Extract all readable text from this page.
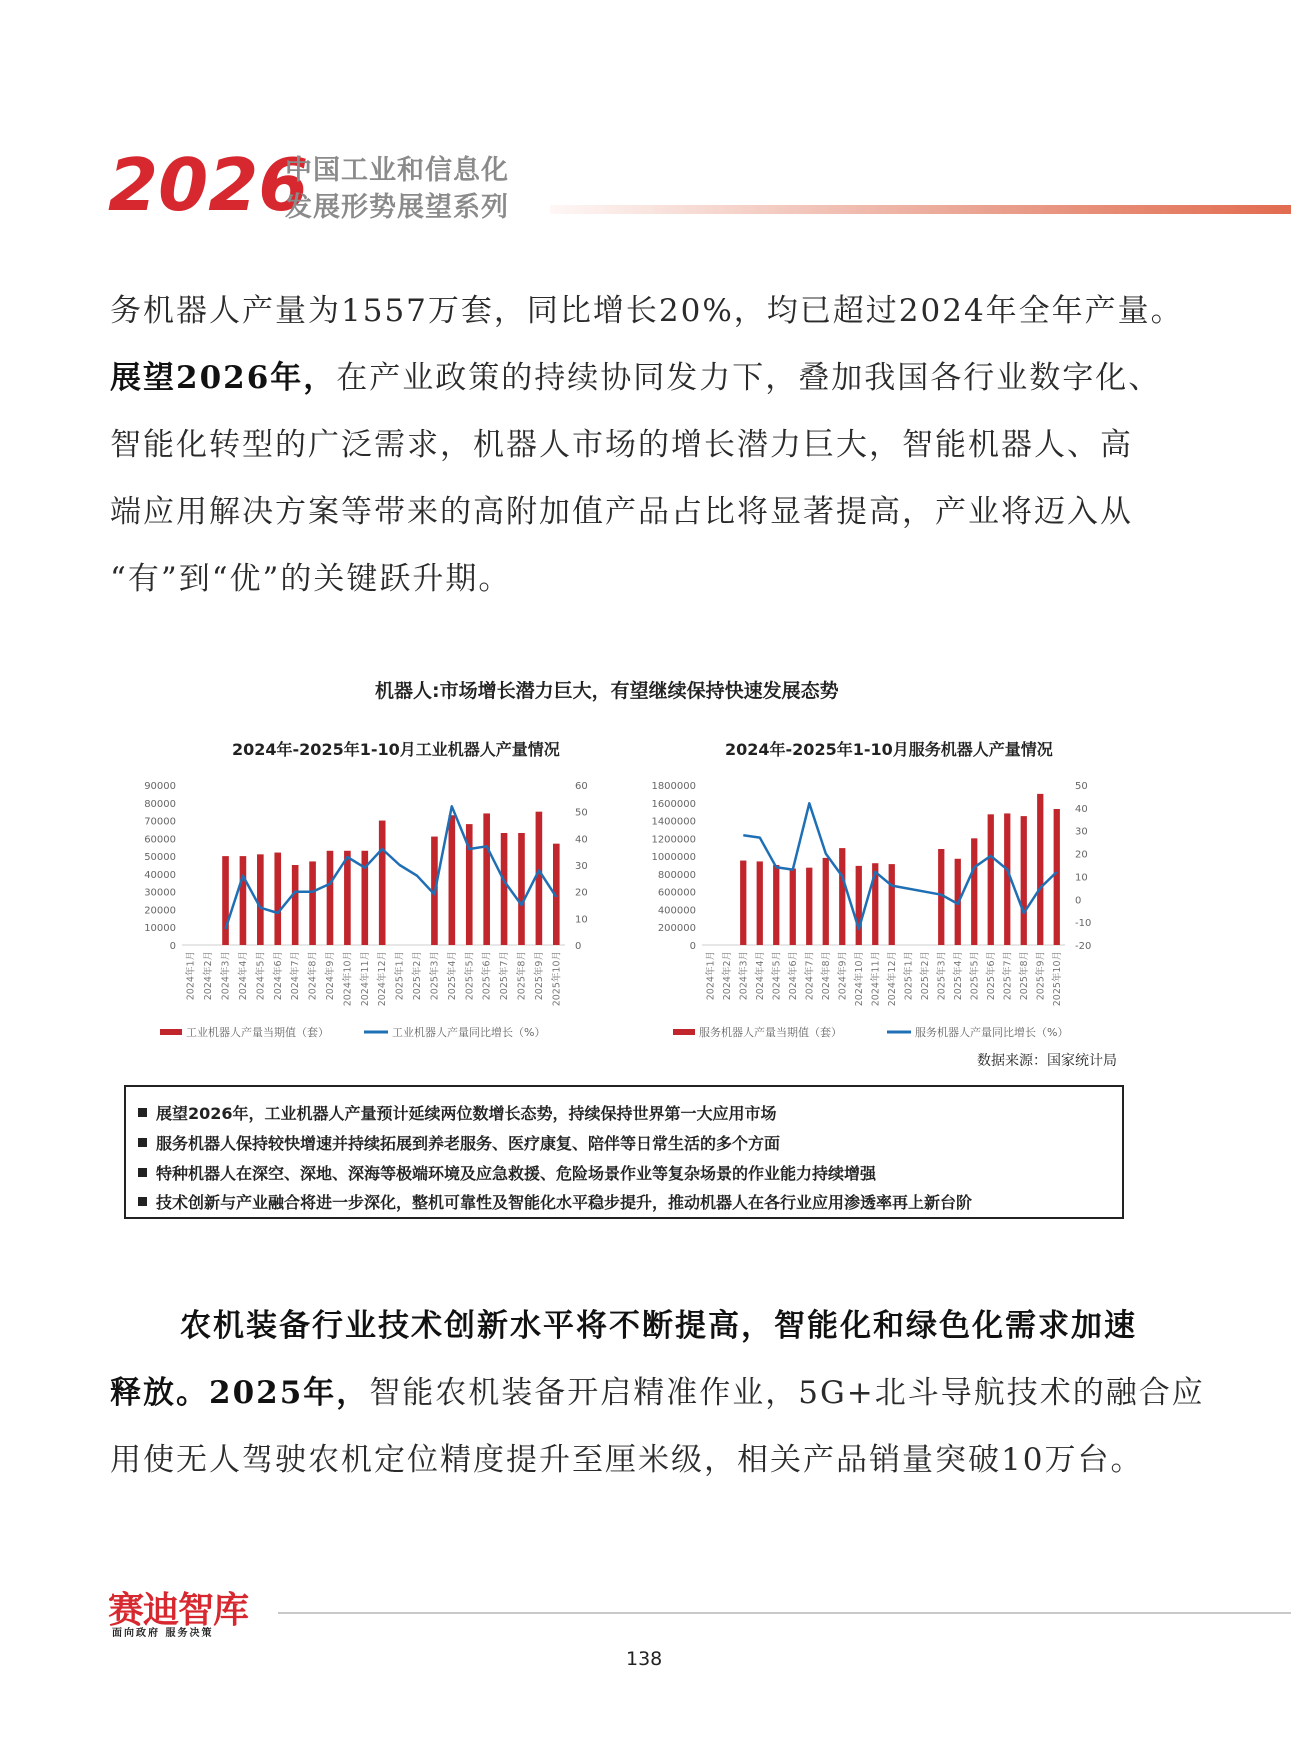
2026
中国工业和信息化
发展形势展望系列
务机器人产量为1557万套，同比增长20%，均已超过2024年全年产量。
展望2026年，在产业政策的持续协同发力下，叠加我国各行业数字化、
智能化转型的广泛需求，机器人市场的增长潜力巨大，智能机器人、高
端应用解决方案等带来的高附加值产品占比将显著提高，产业将迈入从
“有”到“优”的关键跃升期。
机器人:市场增长潜力巨大，有望继续保持快速发展态势
2024年-2025年1-10月工业机器人产量情况	2024年-2025年1-10月服务机器人产量情况
0
10000
20000
30000
40000
50000
60000
70000
80000
90000
0
10
20
30
40
50
60
2024年1月 2024年2月 2024年3月 2024年4月 2024年5月 2024年6月 2024年7月 2024年8月 2024年9月 2024年10月 2024年11月 2024年12月 2025年1月 2025年2月 2025年3月 2025年4月 2025年5月 2025年6月 2025年7月 2025年8月 2025年9月 2025年10月
工业机器人产量当期值（套）	工业机器人产量同比增长（%）
0
200000
400000
600000
800000
1000000
1200000
1400000
1600000
1800000
-20
-10
0
10
20
30
40
50
2024年1月 2024年2月 2024年3月 2024年4月 2024年5月 2024年6月 2024年7月 2024年8月 2024年9月 2024年10月 2024年11月 2024年12月 2025年1月 2025年2月 2025年3月 2025年4月 2025年5月 2025年6月 2025年7月 2025年8月 2025年9月 2025年10月
服务机器人产量当期值（套）	服务机器人产量同比增长（%）
数据来源：国家统计局
展望2026年，工业机器人产量预计延续两位数增长态势，持续保持世界第一大应用市场
服务机器人保持较快增速并持续拓展到养老服务、医疗康复、陪伴等日常生活的多个方面
特种机器人在深空、深地、深海等极端环境及应急救援、危险场景作业等复杂场景的作业能力持续增强
技术创新与产业融合将进一步深化，整机可靠性及智能化水平稳步提升，推动机器人在各行业应用渗透率再上新台阶
农机装备行业技术创新水平将不断提高，智能化和绿色化需求加速
释放。2025年，智能农机装备开启精准作业，5G+北斗导航技术的融合应
用使无人驾驶农机定位精度提升至厘米级，相关产品销量突破10万台。
赛迪智库
面向政府 服务决策
138
